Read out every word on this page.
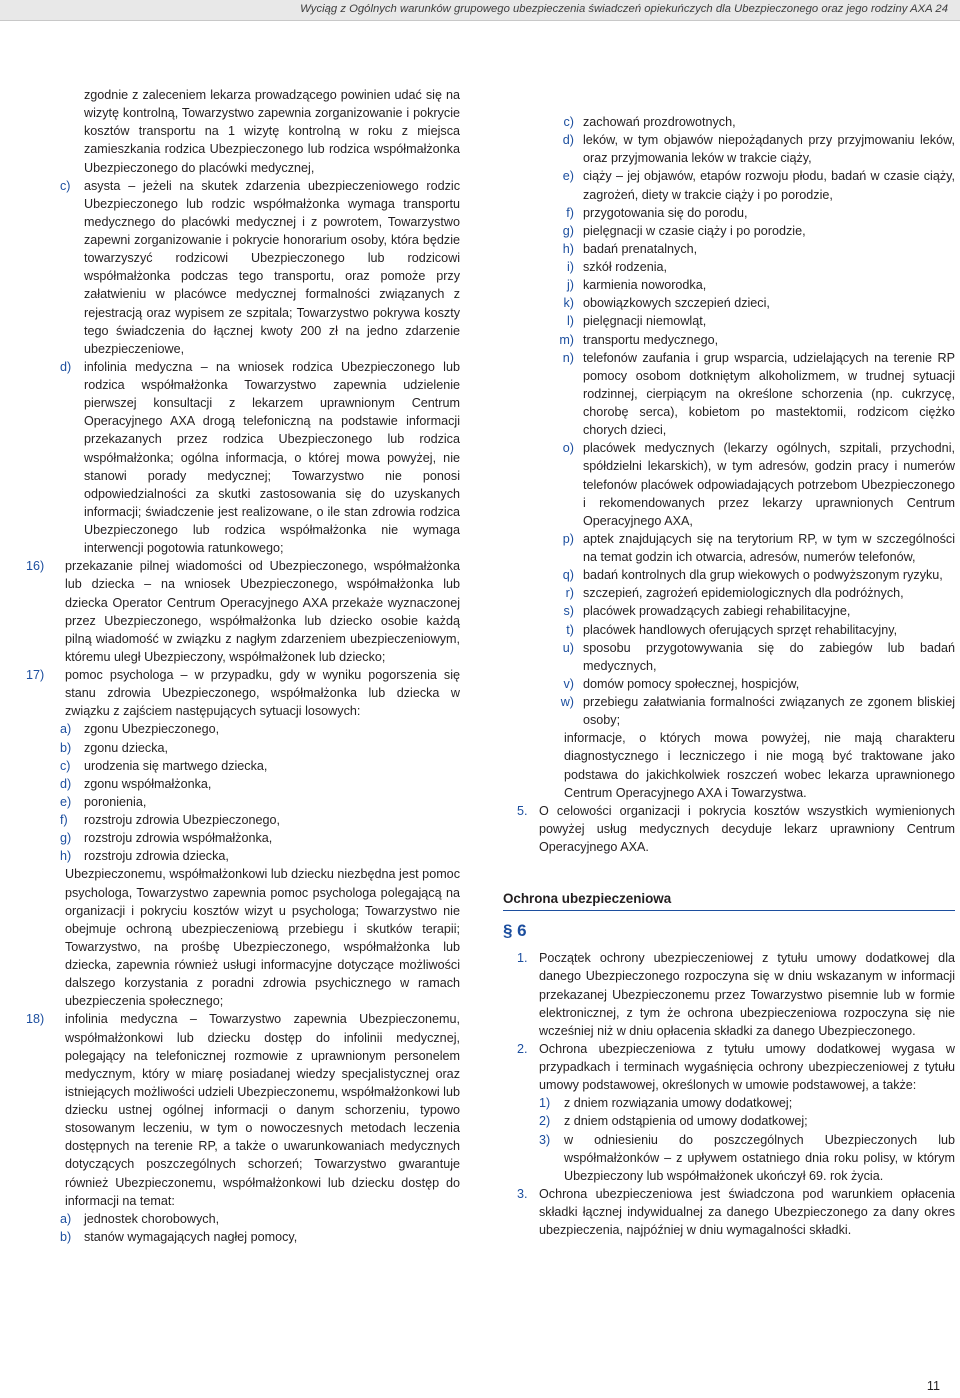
Wyciąg z Ogólnych warunków grupowego ubezpieczenia świadczeń opiekuńczych dla Ubezpieczonego oraz jego rodziny AXA 24
zgodnie z zaleceniem lekarza prowadzącego powinien udać się na wizytę kontrolną, Towarzystwo zapewnia zorganizowanie i pokrycie kosztów transportu na 1 wizytę kontrolną w roku z miejsca zamieszkania rodzica Ubezpieczonego lub rodzica współmałżonka Ubezpieczonego do placówki medycznej,
c) asysta – jeżeli na skutek zdarzenia ubezpieczeniowego rodzic Ubezpieczonego lub rodzic współmałżonka wymaga transportu medycznego do placówki medycznej i z powrotem, Towarzystwo zapewni zorganizowanie i pokrycie honorarium osoby, która będzie towarzyszyć rodzicowi Ubezpieczonego lub rodzicowi współmałżonka podczas tego transportu, oraz pomoże przy załatwieniu w placówce medycznej formalności związanych z rejestracją oraz wypisem ze szpitala; Towarzystwo pokrywa koszty tego świadczenia do łącznej kwoty 200 zł na jedno zdarzenie ubezpieczeniowe,
d) infolinia medyczna – na wniosek rodzica Ubezpieczonego lub rodzica współmałżonka Towarzystwo zapewnia udzielenie pierwszej konsultacji z lekarzem uprawnionym Centrum Operacyjnego AXA drogą telefoniczną na podstawie informacji przekazanych przez rodzica Ubezpieczonego lub rodzica współmałżonka; ogólna informacja, o której mowa powyżej, nie stanowi porady medycznej; Towarzystwo nie ponosi odpowiedzialności za skutki zastosowania się do uzyskanych informacji; świadczenie jest realizowane, o ile stan zdrowia rodzica Ubezpieczonego lub rodzica współmałżonka nie wymaga interwencji pogotowia ratunkowego;
16) przekazanie pilnej wiadomości od Ubezpieczonego, współmałżonka lub dziecka – na wniosek Ubezpieczonego, współmałżonka lub dziecka Operator Centrum Operacyjnego AXA przekaże wyznaczonej przez Ubezpieczonego, współmałżonka lub dziecko osobie każdą pilną wiadomość w związku z nagłym zdarzeniem ubezpieczeniowym, któremu uległ Ubezpieczony, współmałżonek lub dziecko;
17) pomoc psychologa – w przypadku, gdy w wyniku pogorszenia się stanu zdrowia Ubezpieczonego, współmałżonka lub dziecka w związku z zajściem następujących sytuacji losowych:
a) zgonu Ubezpieczonego,
b) zgonu dziecka,
c) urodzenia się martwego dziecka,
d) zgonu współmałżonka,
e) poronienia,
f) rozstroju zdrowia Ubezpieczonego,
g) rozstroju zdrowia współmałżonka,
h) rozstroju zdrowia dziecka,
Ubezpieczonemu, współmałżonkowi lub dziecku niezbędna jest pomoc psychologa, Towarzystwo zapewnia pomoc psychologa polegającą na organizacji i pokryciu kosztów wizyt u psychologa; Towarzystwo nie obejmuje ochroną ubezpieczeniową przebiegu i skutków terapii; Towarzystwo, na prośbę Ubezpieczonego, współmałżonka lub dziecka, zapewnia również usługi informacyjne dotyczące możliwości dalszego korzystania z poradni zdrowia psychicznego w ramach ubezpieczenia społecznego;
18) infolinia medyczna – Towarzystwo zapewnia Ubezpieczonemu, współmałżonkowi lub dziecku dostęp do infolinii medycznej, polegający na telefonicznej rozmowie z uprawnionym personelem medycznym, który w miarę posiadanej wiedzy specjalistycznej oraz istniejących możliwości udzieli Ubezpieczonemu, współmałżonkowi lub dziecku ustnej ogólnej informacji o danym schorzeniu, typowo stosowanym leczeniu, w tym o nowoczesnych metodach leczenia dostępnych na terenie RP, a także o uwarunkowaniach medycznych dotyczących poszczególnych schorzeń; Towarzystwo gwarantuje również Ubezpieczonemu, współmałżonkowi lub dziecku dostęp do informacji na temat:
a) jednostek chorobowych,
b) stanów wymagających nagłej pomocy,
c) zachowań prozdrowotnych,
d) leków, w tym objawów niepożądanych przy przyjmowaniu leków, oraz przyjmowania leków w trakcie ciąży,
e) ciąży – jej objawów, etapów rozwoju płodu, badań w czasie ciąży, zagrożeń, diety w trakcie ciąży i po porodzie,
f) przygotowania się do porodu,
g) pielęgnacji w czasie ciąży i po porodzie,
h) badań prenatalnych,
i) szkół rodzenia,
j) karmienia noworodka,
k) obowiązkowych szczepień dzieci,
l) pielęgnacji niemowląt,
m) transportu medycznego,
n) telefonów zaufania i grup wsparcia, udzielających na terenie RP pomocy osobom dotkniętym alkoholizmem, w trudnej sytuacji rodzinnej, cierpiącym na określone schorzenia (np. cukrzycę, chorobę serca), kobietom po mastektomii, rodzicom ciężko chorych dzieci,
o) placówek medycznych (lekarzy ogólnych, szpitali, przychodni, spółdzielni lekarskich), w tym adresów, godzin pracy i numerów telefonów placówek odpowiadających potrzebom Ubezpieczonego i rekomendowanych przez lekarzy uprawnionych Centrum Operacyjnego AXA,
p) aptek znajdujących się na terytorium RP, w tym w szczególności na temat godzin ich otwarcia, adresów, numerów telefonów,
q) badań kontrolnych dla grup wiekowych o podwyższonym ryzyku,
r) szczepień, zagrożeń epidemiologicznych dla podróżnych,
s) placówek prowadzących zabiegi rehabilitacyjne,
t) placówek handlowych oferujących sprzęt rehabilitacyjny,
u) sposobu przygotowywania się do zabiegów lub badań medycznych,
v) domów pomocy społecznej, hospicjów,
w) przebiegu załatwiania formalności związanych ze zgonem bliskiej osoby;
informacje, o których mowa powyżej, nie mają charakteru diagnostycznego i leczniczego i nie mogą być traktowane jako podstawa do jakichkolwiek roszczeń wobec lekarza uprawnionego Centrum Operacyjnego AXA i Towarzystwa.
5. O celowości organizacji i pokrycia kosztów wszystkich wymienionych powyżej usług medycznych decyduje lekarz uprawniony Centrum Operacyjnego AXA.
Ochrona ubezpieczeniowa
§ 6
1. Początek ochrony ubezpieczeniowej z tytułu umowy dodatkowej dla danego Ubezpieczonego rozpoczyna się w dniu wskazanym w informacji przekazanej Ubezpieczonemu przez Towarzystwo pisemnie lub w formie elektronicznej, z tym że ochrona ubezpieczeniowa rozpoczyna się nie wcześniej niż w dniu opłacenia składki za danego Ubezpieczonego.
2. Ochrona ubezpieczeniowa z tytułu umowy dodatkowej wygasa w przypadkach i terminach wygaśnięcia ochrony ubezpieczeniowej z tytułu umowy podstawowej, określonych w umowie podstawowej, a także:
1) z dniem rozwiązania umowy dodatkowej;
2) z dniem odstąpienia od umowy dodatkowej;
3) w odniesieniu do poszczególnych Ubezpieczonych lub współmałżonków – z upływem ostatniego dnia roku polisy, w którym Ubezpieczony lub współmałżonek ukończył 69. rok życia.
3. Ochrona ubezpieczeniowa jest świadczona pod warunkiem opłacenia składki łącznej indywidualnej za danego Ubezpieczonego za dany okres ubezpieczenia, najpóźniej w dniu wymagalności składki.
11
